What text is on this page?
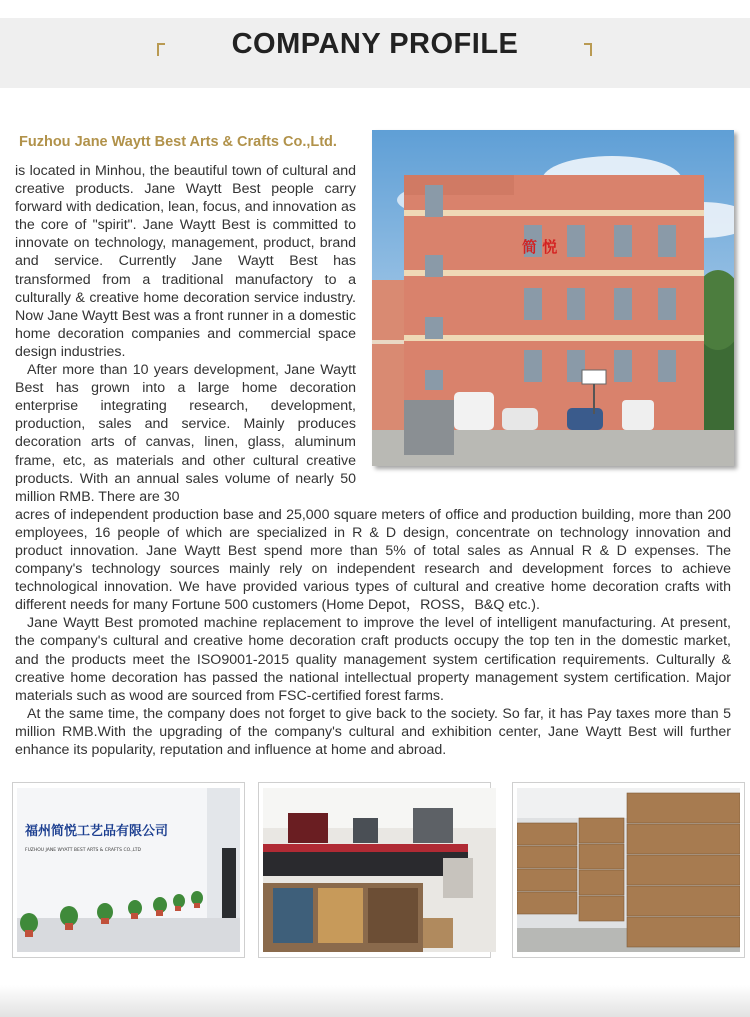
COMPANY PROFILE
Fuzhou Jane Waytt Best Arts & Crafts Co.,Ltd.
简 悦

is located in Minhou, the beautiful town of cultural and creative products. Jane Waytt Best people carry forward with dedication, lean, focus, and innovation as the core of "spirit". Jane Waytt Best is committed to innovate on technology, management, product, brand and service. Currently Jane Waytt Best has transformed from a traditional manufactory to a culturally & creative home decoration service industry. Now Jane Waytt Best was a front runner in a domestic home decoration companies and commercial space design industries.

After more than 10 years development, Jane Waytt Best has grown into a large home decoration enterprise integrating research, development, production, sales and service. Mainly produces decoration arts of canvas, linen, glass, aluminum frame, etc, as materials and other cultural creative products. With an annual sales volume of nearly 50 million RMB. There are 30

acres of independent production base and 25,000 square meters of office and production building, more than 200 employees, 16 people of which are specialized in R & D design, concentrate on technology innovation and product innovation. Jane Waytt Best spend more than 5% of total sales as Annual R & D expenses. The company's technology sources mainly rely on independent research and development forces to achieve technological innovation. We have provided various types of cultural and creative home decoration crafts with different needs for many Fortune 500 customers (Home Depot，ROSS，B&Q etc.).

Jane Waytt Best promoted machine replacement to improve the level of intelligent manufacturing. At present, the company's cultural and creative home decoration craft products occupy the top ten in the domestic market, and the products meet the ISO9001-2015 quality management system certification requirements. Culturally & creative home decoration has passed the national intellectual property management system certification. Major materials such as wood are sourced from FSC-certified forest farms.

At the same time, the company does not forget to give back to the society. So far, it has Pay taxes more than 5 million RMB.With the upgrading of the company's cultural and exhibition center, Jane Waytt Best will further enhance its popularity, reputation and influence at home and abroad.

福州简悦工艺品有限公司
FUZHOU JANE WYATT BEST ARTS & CRAFTS CO.,LTD
